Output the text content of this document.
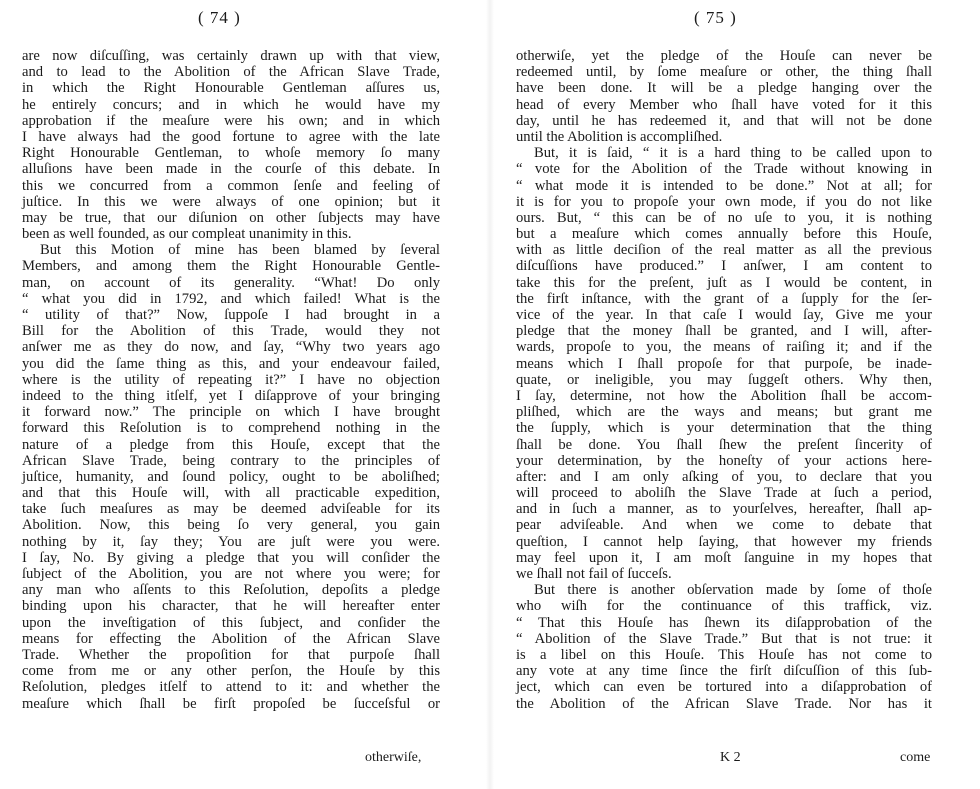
( 74 )

are now diſcuſſing, was certainly drawn up with that view,
and to lead to the Abolition of the African Slave Trade,
in which the Right Honourable Gentleman aſſures us,
he entirely concurs; and in which he would have my
approbation if the meaſure were his own; and in which
I have always had the good fortune to agree with the late
Right Honourable Gentleman, to whoſe memory ſo many
alluſions have been made in the courſe of this debate. In
this we concurred from a common ſenſe and feeling of
juſtice. In this we were always of one opinion; but it
may be true, that our diſunion on other ſubjects may have
been as well founded, as our compleat unanimity in this.
But this Motion of mine has been blamed by ſeveral
Members, and among them the Right Honourable Gentle-
man, on account of its generality. “What! Do only
“ what you did in 1792, and which failed! What is the
“ utility of that?” Now, ſuppoſe I had brought in a
Bill for the Abolition of this Trade, would they not
anſwer me as they do now, and ſay, “Why two years ago
you did the ſame thing as this, and your endeavour failed,
where is the utility of repeating it?” I have no objection
indeed to the thing itſelf, yet I diſapprove of your bringing
it forward now.” The principle on which I have brought
forward this Reſolution is to comprehend nothing in the
nature of a pledge from this Houſe, except that the
African Slave Trade, being contrary to the principles of
juſtice, humanity, and ſound policy, ought to be aboliſhed;
and that this Houſe will, with all practicable expedition,
take ſuch meaſures as may be deemed adviſeable for its
Abolition. Now, this being ſo very general, you gain
nothing by it, ſay they; You are juſt were you were.
I ſay, No. By giving a pledge that you will conſider the
ſubject of the Abolition, you are not where you were; for
any man who aſſents to this Reſolution, depoſits a pledge
binding upon his character, that he will hereafter enter
upon the inveſtigation of this ſubject, and conſider the
means for effecting the Abolition of the African Slave
Trade. Whether the propoſition for that purpoſe ſhall
come from me or any other perſon, the Houſe by this
Reſolution, pledges itſelf to attend to it: and whether the
meaſure which ſhall be firſt propoſed be ſucceſsful or

otherwiſe,

( 75 )

otherwiſe, yet the pledge of the Houſe can never be
redeemed until, by ſome meaſure or other, the thing ſhall
have been done. It will be a pledge hanging over the
head of every Member who ſhall have voted for it this
day, until he has redeemed it, and that will not be done
until the Abolition is accompliſhed.
But, it is ſaid, “ it is a hard thing to be called upon to
“ vote for the Abolition of the Trade without knowing in
“ what mode it is intended to be done.” Not at all; for
it is for you to propoſe your own mode, if you do not like
ours. But, “ this can be of no uſe to you, it is nothing
but a meaſure which comes annually before this Houſe,
with as little deciſion of the real matter as all the previous
diſcuſſions have produced.” I anſwer, I am content to
take this for the preſent, juſt as I would be content, in
the firſt inſtance, with the grant of a ſupply for the ſer-
vice of the year. In that caſe I would ſay, Give me your
pledge that the money ſhall be granted, and I will, after-
wards, propoſe to you, the means of raiſing it; and if the
means which I ſhall propoſe for that purpoſe, be inade-
quate, or ineligible, you may ſuggeſt others. Why then,
I ſay, determine, not how the Abolition ſhall be accom-
pliſhed, which are the ways and means; but grant me
the ſupply, which is your determination that the thing
ſhall be done. You ſhall ſhew the preſent ſincerity of
your determination, by the honeſty of your actions here-
after: and I am only aſking of you, to declare that you
will proceed to aboliſh the Slave Trade at ſuch a period,
and in ſuch a manner, as to yourſelves, hereafter, ſhall ap-
pear adviſeable. And when we come to debate that
queſtion, I cannot help ſaying, that however my friends
may feel upon it, I am moſt ſanguine in my hopes that
we ſhall not fail of ſucceſs.
But there is another obſervation made by ſome of thoſe
who wiſh for the continuance of this traffick, viz.
“ That this Houſe has ſhewn its diſapprobation of the
“ Abolition of the Slave Trade.” But that is not true: it
is a libel on this Houſe. This Houſe has not come to
any vote at any time ſince the firſt diſcuſſion of this ſub-
ject, which can even be tortured into a diſapprobation of
the Abolition of the African Slave Trade. Nor has it

K 2	come
